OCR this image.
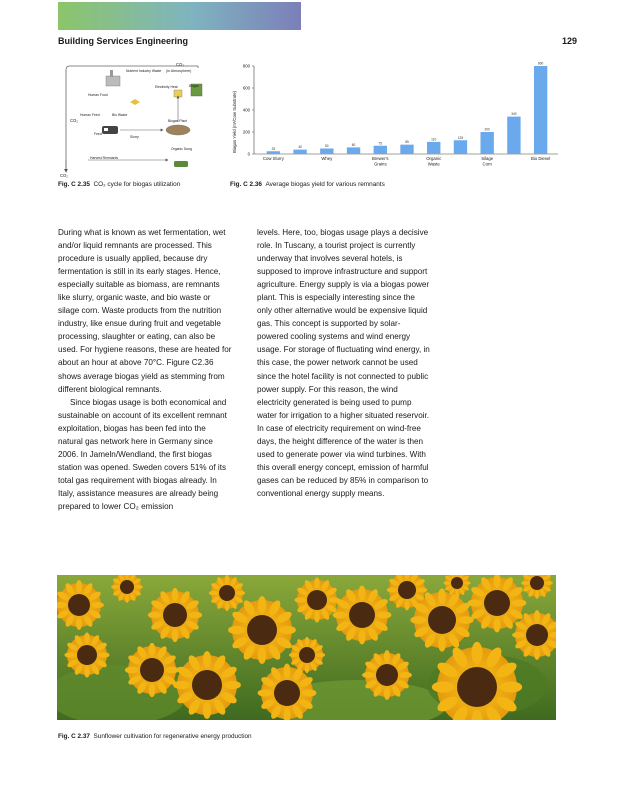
Building Services Engineering	129
CO₂
(in Atmosphere)
Nutrient Industry Waste
Electricity Heat
⚡
Biogas
Human Food
Human Feed	Bio Waste
CO₂	Biogas Plant
Feed
Slurry
Organic Dung
Harvest Remnants
CO₂
Biogas Yield (m³/Cow Substrate)
0
200
400
600
800
25	40	50	60	75	85
110	125
200
340
800
Cow Slurry	Whey	Brewer's Grains
Organic Waste
Silage Corn
Bio Diesel
Fig. C 2.35 CO₂ cycle for biogas utilization	Fig. C 2.36 Average biogas yield for various remnants

During what is known as wet fermentation, wet and/or liquid remnants are processed. This procedure is usually applied, because dry fermentation is still in its early stages. Hence, especially suitable as biomass, are remnants like slurry, organic waste, and bio waste or silage corn. Waste products from the nutrition industry, like ensue during fruit and vegetable processing, slaughter or eating, can also be used. For hygiene reasons, these are heated for about an hour at above 70°C. Figure C2.36 shows average biogas yield as stemming from different biological remnants.

Since biogas usage is both economical and sustainable on account of its excellent remnant exploitation, biogas has been fed into the natural gas network here in Germany since 2006. In Jameln/Wendland, the first biogas station was opened. Sweden covers 51% of its total gas requirement with biogas already. In Italy, assistance measures are already being prepared to lower CO₂ emission

levels. Here, too, biogas usage plays a decisive role. In Tuscany, a tourist project is currently underway that involves several hotels, is supposed to improve infrastructure and support agriculture. Energy supply is via a biogas power plant. This is especially interesting since the only other alternative would be expensive liquid gas. This concept is supported by solar-powered cooling systems and wind energy usage. For storage of fluctuating wind energy, in this case, the power network cannot be used since the hotel facility is not connected to public power supply. For this reason, the wind electricity generated is being used to pump water for irrigation to a higher situated reservoir. In case of electricity requirement on wind-free days, the height difference of the water is then used to generate power via wind turbines. With this overall energy concept, emission of harmful gases can be reduced by 85% in comparison to conventional energy supply means.

Fig. C 2.37 Sunflower cultivation for regenerative energy production
